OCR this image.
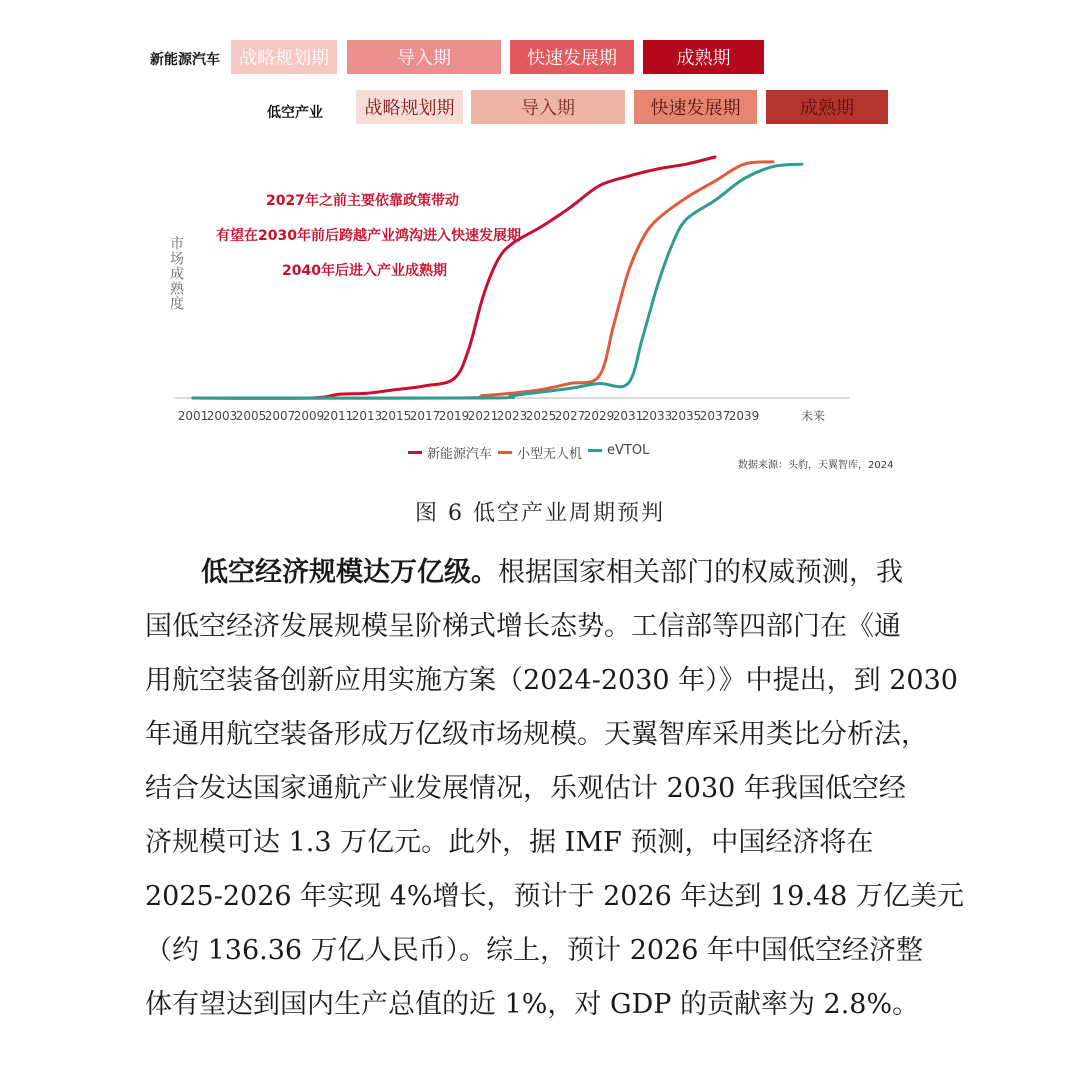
新能源汽车	战略规划期	导入期	快速发展期	成熟期
低空产业	战略规划期	导入期	快速发展期	成熟期
2001
2003
2005
2007
2009
2011
2013
2015
2017
2019
2021
2023
2025
2027
2029
2031
2033
2035
2037
2039	未来
市场成熟度
2027年之前主要依靠政策带动
有望在2030年前后跨越产业鸿沟进入快速发展期
2040年后进入产业成熟期
新能源汽车 小型无人机 eVTOL
数据来源：头豹，天翼智库，2024
图 6 低空产业周期预判
低空经济规模达万亿级。根据国家相关部门的权威预测，我
国低空经济发展规模呈阶梯式增长态势。工信部等四部门在《通
用航空装备创新应用实施方案（2024-2030 年）》中提出，到 2030
年通用航空装备形成万亿级市场规模。天翼智库采用类比分析法，
结合发达国家通航产业发展情况，乐观估计 2030 年我国低空经
济规模可达 1.3 万亿元。此外，据 IMF 预测，中国经济将在
2025-2026 年实现 4%增长，预计于 2026 年达到 19.48 万亿美元
（约 136.36 万亿人民币）。综上，预计 2026 年中国低空经济整
体有望达到国内生产总值的近 1%，对 GDP 的贡献率为 2.8%。
